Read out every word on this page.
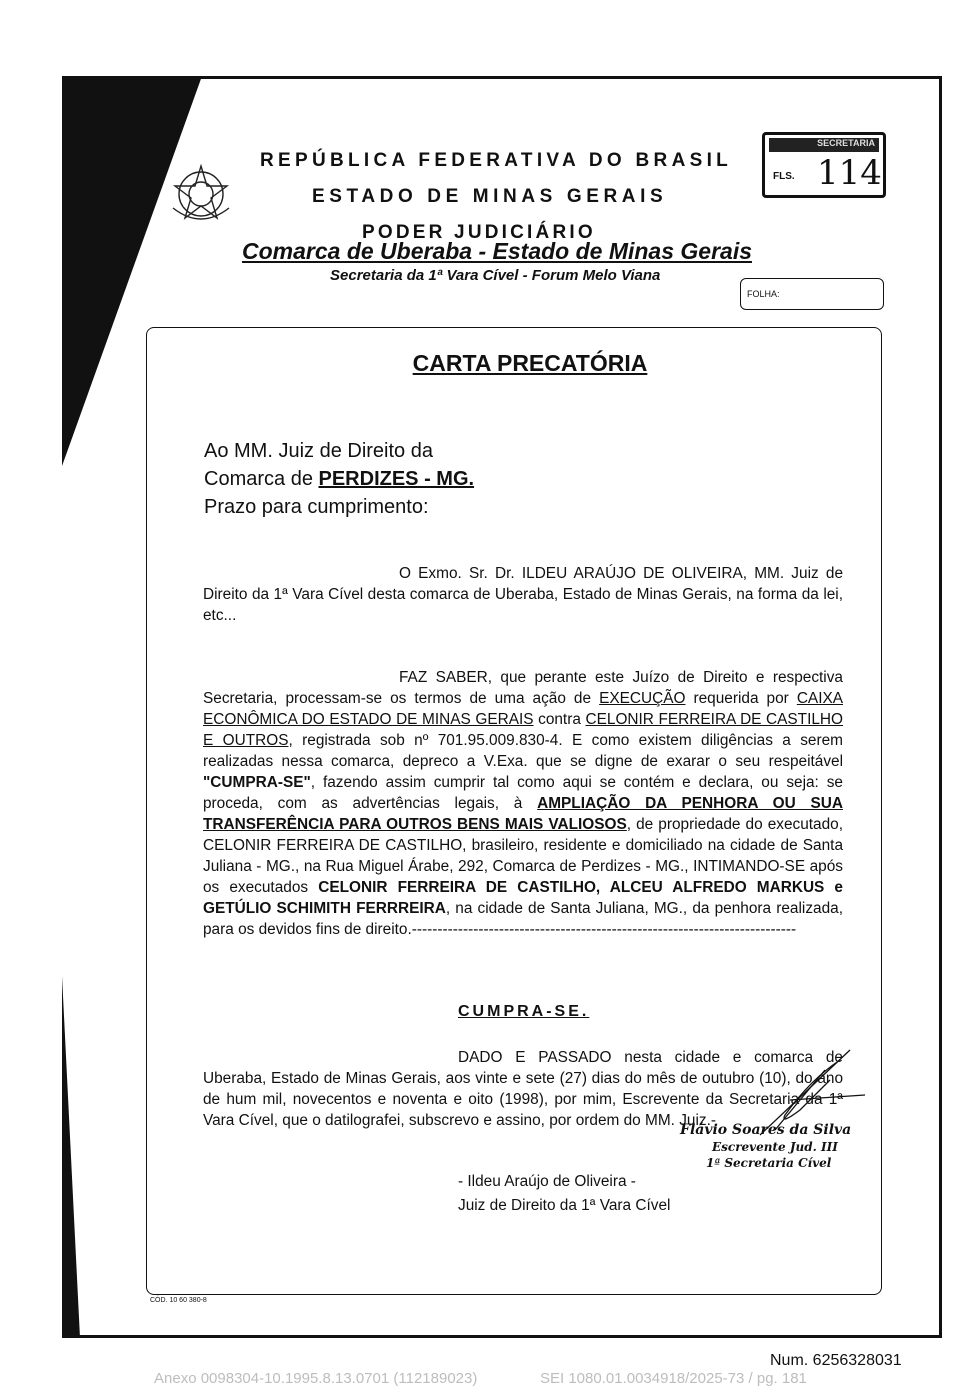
REPÚBLICA FEDERATIVA DO BRASIL
ESTADO DE MINAS GERAIS
PODER JUDICIÁRIO
Comarca de Uberaba - Estado de Minas Gerais
Secretaria da 1ª Vara Cível - Forum Melo Viana
SECRETARIA
FLS. 114
FOLHA:
CARTA PRECATÓRIA
Ao MM. Juiz de Direito da
Comarca de PERDIZES - MG.
Prazo para cumprimento:
O Exmo. Sr. Dr. ILDEU ARAÚJO DE OLIVEIRA, MM. Juiz de Direito da 1ª Vara Cível desta comarca de Uberaba, Estado de Minas Gerais, na forma da lei, etc...
FAZ SABER, que perante este Juízo de Direito e respectiva Secretaria, processam-se os termos de uma ação de EXECUÇÃO requerida por CAIXA ECONÔMICA DO ESTADO DE MINAS GERAIS contra CELONIR FERREIRA DE CASTILHO E OUTROS, registrada sob nº 701.95.009.830-4. E como existem diligências a serem realizadas nessa comarca, depreco a V.Exa. que se digne de exarar o seu respeitável "CUMPRA-SE", fazendo assim cumprir tal como aqui se contém e declara, ou seja: se proceda, com as advertências legais, à AMPLIAÇÃO DA PENHORA OU SUA TRANSFERÊNCIA PARA OUTROS BENS MAIS VALIOSOS, de propriedade do executado, CELONIR FERREIRA DE CASTILHO, brasileiro, residente e domiciliado na cidade de Santa Juliana - MG., na Rua Miguel Árabe, 292, Comarca de Perdizes - MG., INTIMANDO-SE após os executados CELONIR FERREIRA DE CASTILHO, ALCEU ALFREDO MARKUS e GETÚLIO SCHIMITH FERRREIRA, na cidade de Santa Juliana, MG., da penhora realizada, para os devidos fins de direito.---------------------------------------------------------------------------
CUMPRA-SE.
DADO E PASSADO nesta cidade e comarca de Uberaba, Estado de Minas Gerais, aos vinte e sete (27) dias do mês de outubro (10), do ano de hum mil, novecentos e noventa e oito (1998), por mim, Escrevente da Secretaria da 1ª Vara Cível, que o datilografei, subscrevo e assino, por ordem do MM. Juiz.-
Flávio Soares da Silva
Escrevente Jud. III
1ª Secretaria Cível
- Ildeu Araújo de Oliveira -
Juiz de Direito da 1ª Vara Cível
CÓD. 10 60 380-8
Num. 6256328031
Anexo 0098304-10.1995.8.13.0701 (112189023)	SEI 1080.01.0034918/2025-73 / pg. 181
